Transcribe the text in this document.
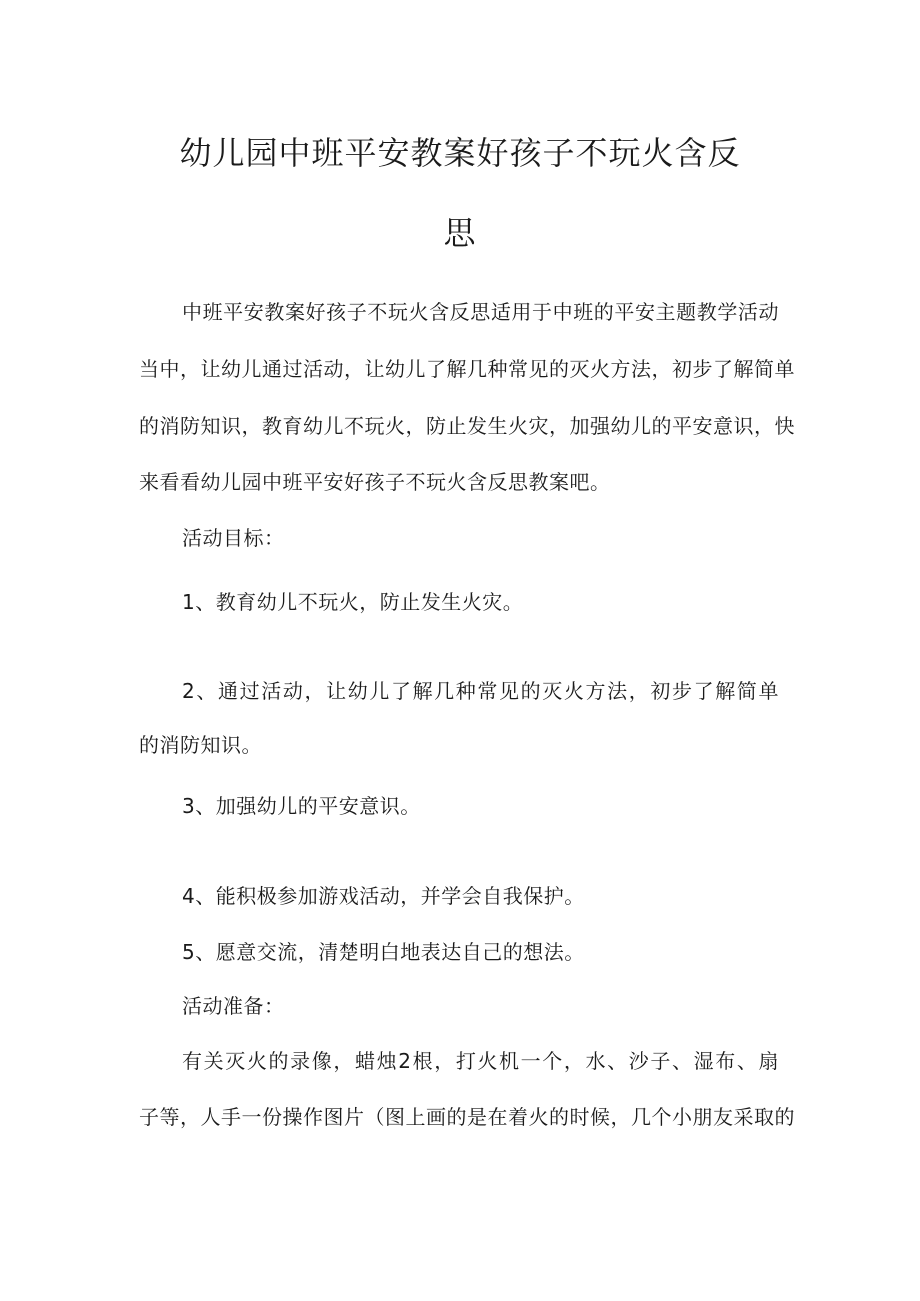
幼儿园中班平安教案好孩子不玩火含反
思
中班平安教案好孩子不玩火含反思适用于中班的平安主题教学活动
当中，让幼儿通过活动，让幼儿了解几种常见的灭火方法，初步了解简单
的消防知识，教育幼儿不玩火，防止发生火灾，加强幼儿的平安意识，快
来看看幼儿园中班平安好孩子不玩火含反思教案吧。
活动目标：
1、教育幼儿不玩火，防止发生火灾。
2、通过活动，让幼儿了解几种常见的灭火方法，初步了解简单
的消防知识。
3、加强幼儿的平安意识。
4、能积极参加游戏活动，并学会自我保护。
5、愿意交流，清楚明白地表达自己的想法。
活动准备：
有关灭火的录像，蜡烛2根，打火机一个，水、沙子、湿布、扇
子等，人手一份操作图片（图上画的是在着火的时候，几个小朋友采取的
